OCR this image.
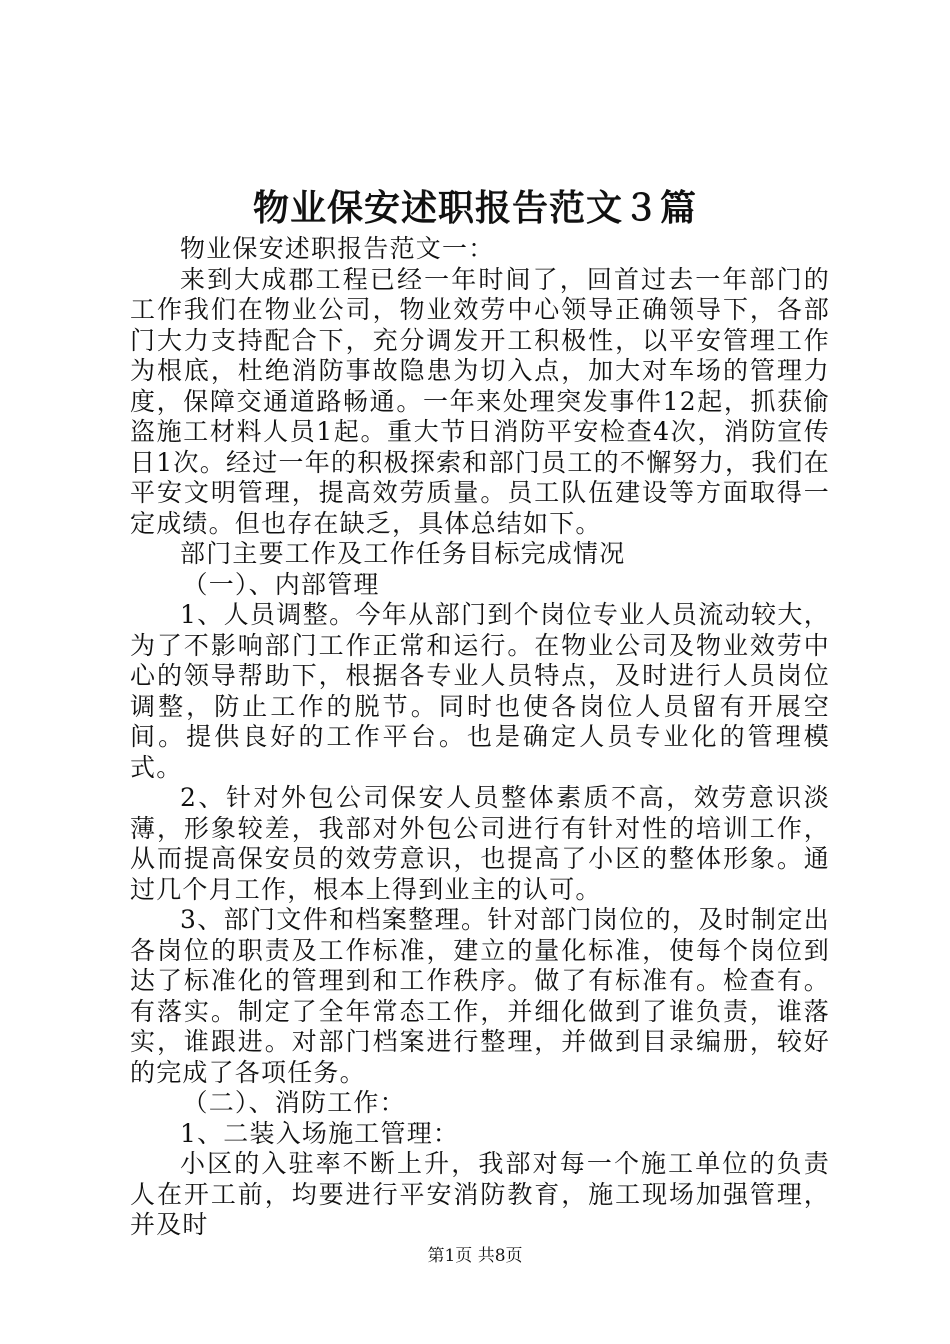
物业保安述职报告范文３篇

物业保安述职报告范文一：

来到大成郡工程已经一年时间了，回首过去一年部门的工作我们在物业公司，物业效劳中心领导正确领导下，各部门大力支持配合下，充分调发开工积极性，以平安管理工作为根底，杜绝消防事故隐患为切入点，加大对车场的管理力度，保障交通道路畅通。一年来处理突发事件12起，抓获偷盗施工材料人员1起。重大节日消防平安检查4次，消防宣传日1次。经过一年的积极探索和部门员工的不懈努力，我们在平安文明管理，提高效劳质量。员工队伍建设等方面取得一定成绩。但也存在缺乏，具体总结如下。

部门主要工作及工作任务目标完成情况

（一）、内部管理

1、人员调整。今年从部门到个岗位专业人员流动较大，为了不影响部门工作正常和运行。在物业公司及物业效劳中心的领导帮助下，根据各专业人员特点，及时进行人员岗位调整，防止工作的脱节。同时也使各岗位人员留有开展空间。提供良好的工作平台。也是确定人员专业化的管理模式。

2、针对外包公司保安人员整体素质不高，效劳意识淡薄，形象较差，我部对外包公司进行有针对性的培训工作，从而提高保安员的效劳意识，也提高了小区的整体形象。通过几个月工作，根本上得到业主的认可。

3、部门文件和档案整理。针对部门岗位的，及时制定出各岗位的职责及工作标准，建立的量化标准，使每个岗位到达了标准化的管理到和工作秩序。做了有标准有。检查有。有落实。制定了全年常态工作，并细化做到了谁负责，谁落实，谁跟进。对部门档案进行整理，并做到目录编册，较好的完成了各项任务。

（二）、消防工作：

1、二装入场施工管理：

小区的入驻率不断上升，我部对每一个施工单位的负责人在开工前，均要进行平安消防教育，施工现场加强管理，并及时

第1页 共8页
